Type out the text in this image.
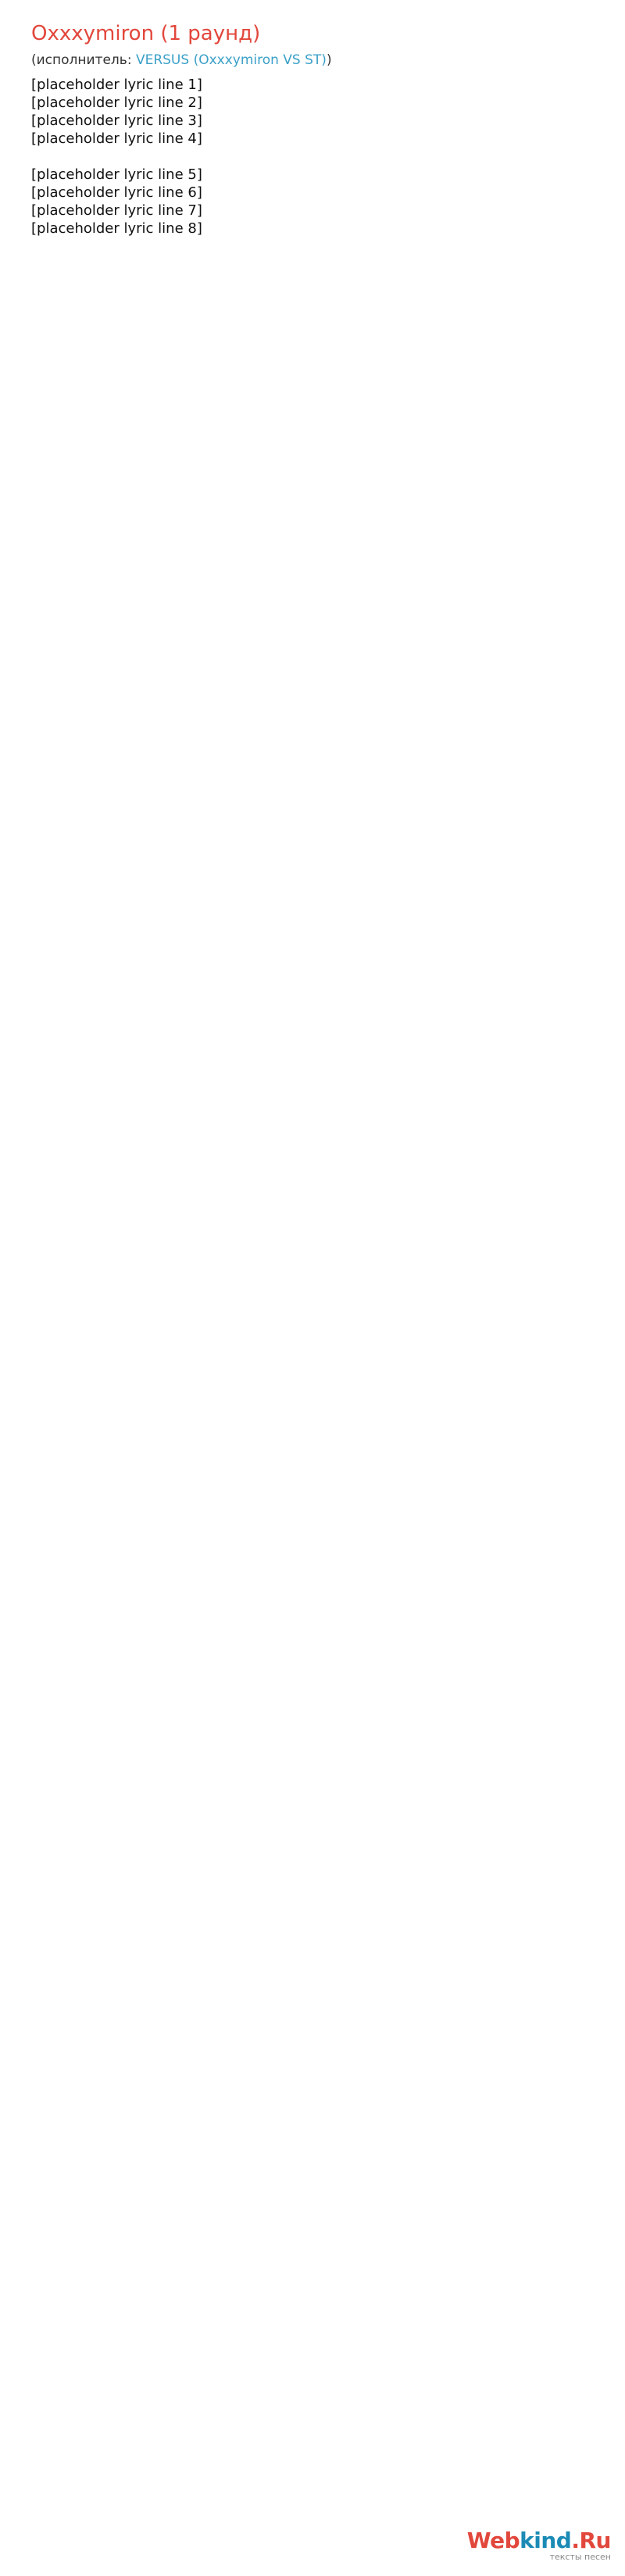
Oxxxymiron (1 раунд)
(исполнитель: VERSUS (Oxxxymiron VS ST))
[placeholder lyric line 1]
[placeholder lyric line 2]
[placeholder lyric line 3]
[placeholder lyric line 4]

[placeholder lyric line 5]
[placeholder lyric line 6]
[placeholder lyric line 7]
[placeholder lyric line 8]
Webkind.Ru
тексты песен
